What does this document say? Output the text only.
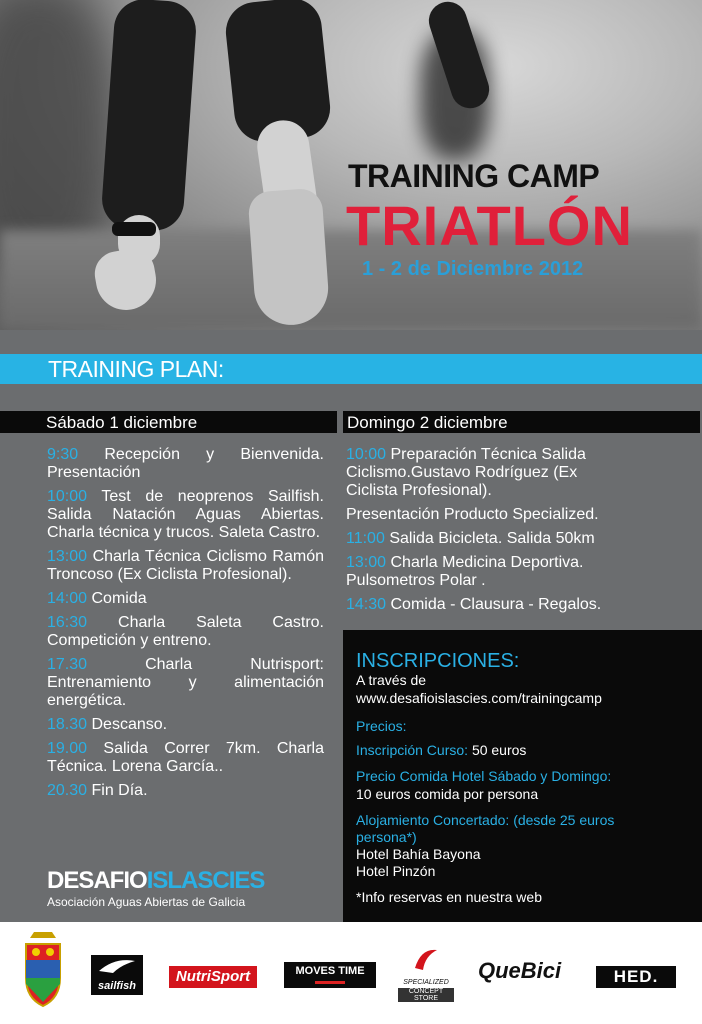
TRAINING CAMP
TRIATLÓN
1 - 2 de Diciembre 2012
TRAINING PLAN:
Sábado 1 diciembre	Domingo 2 diciembre
9:30 Recepción y Bienvenida. Presentación
10:00 Test de neoprenos Sailfish. Salida Natación Aguas Abiertas. Charla técnica y trucos. Saleta Castro.
13:00 Charla Técnica Ciclismo Ramón Troncoso (Ex Ciclista Profesional).
14:00 Comida
16:30 Charla Saleta Castro. Competición y entreno.
17.30	Charla Nutrisport: Entrenamiento y alimentación energética.
18.30 Descanso.
19.00 Salida Correr 7km. Charla Técnica. Lorena García..
20.30 Fin Día.
10:00 Preparación Técnica Salida Ciclismo.Gustavo Rodríguez (Ex Ciclista Profesional).
Presentación Producto Specialized.
11:00 Salida Bicicleta. Salida 50km
13:00 Charla Medicina Deportiva. Pulsometros Polar .
14:30 Comida - Clausura - Regalos.
INSCRIPCIONES:
A través de
www.desafioislascies.com/trainingcamp
Precios:
Inscripción Curso: 50 euros
Precio Comida Hotel Sábado y Domingo:
10 euros comida por persona
Alojamiento Concertado: (desde 25 euros
persona*)
Hotel Bahía Bayona
Hotel Pinzón
*Info reservas en nuestra web
DESAFIOISLASCIES
Asociación Aguas Abiertas de Galicia
sailfish
NutriSport	MOVES TIME
SPECIALIZED
CONCEPT STORE
QueBici	HED.
